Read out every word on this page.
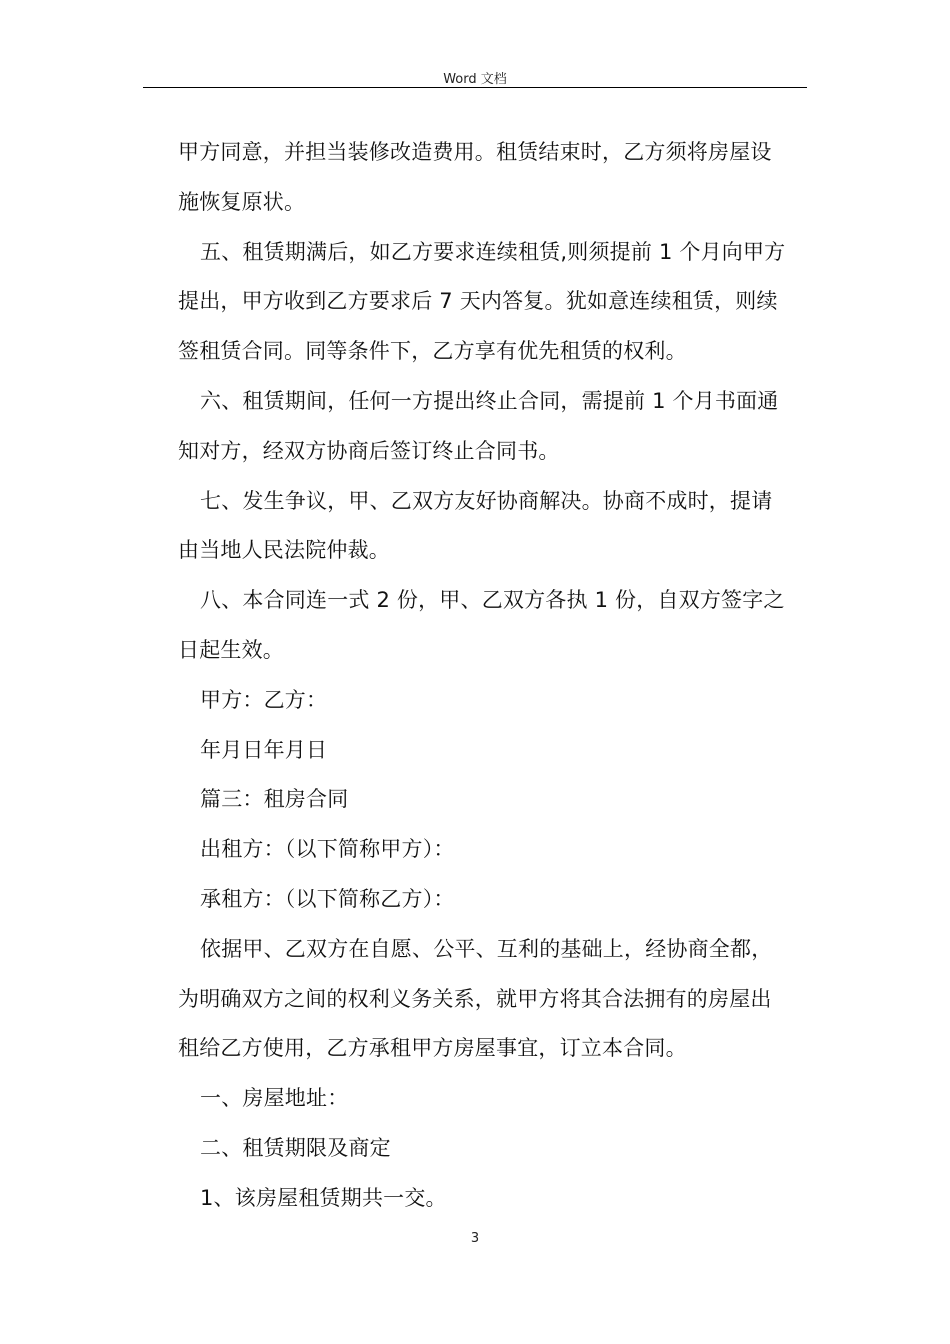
Word 文档
甲方同意，并担当装修改造费用。租赁结束时，乙方须将房屋设
施恢复原状。
五、租赁期满后，如乙方要求连续租赁,则须提前 1 个月向甲方
提出，甲方收到乙方要求后 7 天内答复。犹如意连续租赁，则续
签租赁合同。同等条件下，乙方享有优先租赁的权利。
六、租赁期间，任何一方提出终止合同，需提前 1 个月书面通
知对方，经双方协商后签订终止合同书。
七、发生争议，甲、乙双方友好协商解决。协商不成时，提请
由当地人民法院仲裁。
八、本合同连一式 2 份，甲、乙双方各执 1 份，自双方签字之
日起生效。
甲方：乙方：
年月日年月日
篇三：租房合同
出租方：（以下简称甲方）：
承租方：（以下简称乙方）：
依据甲、乙双方在自愿、公平、互利的基础上，经协商全都，
为明确双方之间的权利义务关系，就甲方将其合法拥有的房屋出
租给乙方使用，乙方承租甲方房屋事宜，订立本合同。
一、房屋地址：
二、租赁期限及商定
1、该房屋租赁期共一交。
3
